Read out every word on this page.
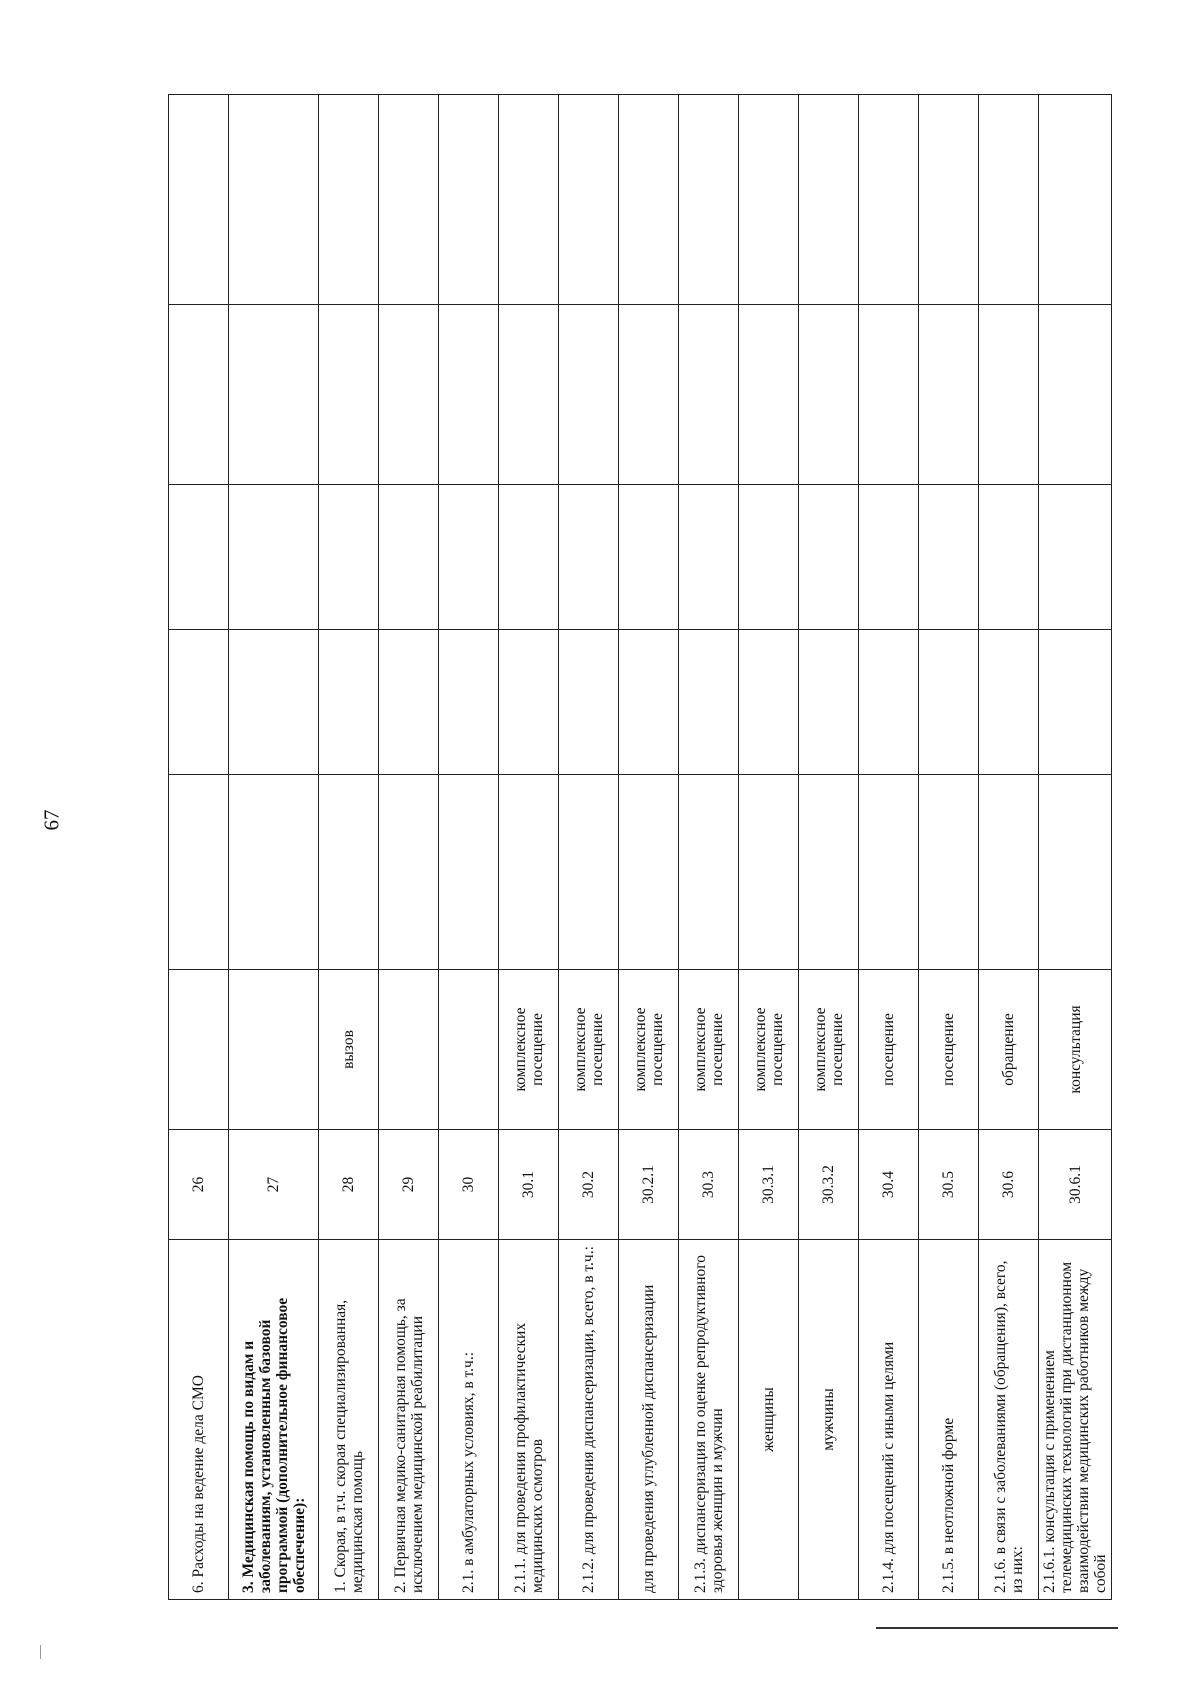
67
6. Расходы на ведение дела СМО	26						
3. Медицинская помощь по видам и заболеваниям, установленным базовой программой (дополнительное финансовое обеспечение):	27						
1. Скорая, в т.ч. скорая специализированная, медицинская помощь	28	вызов					
2. Первичная медико-санитарная помощь, за исключением медицинской реабилитации	29						
2.1. в амбулаторных условиях, в т.ч.:	30						
2.1.1. для проведения профилактических медицинских осмотров	30.1	комплексное посещение					
2.1.2. для проведения диспансеризации, всего, в т.ч.:	30.2	комплексное посещение					
для проведения углубленной диспансеризации	30.2.1	комплексное посещение					
2.1.3. диспансеризация по оценке репродуктивного здоровья женщин и мужчин	30.3	комплексное посещение					
женщины	30.3.1	комплексное посещение					
мужчины	30.3.2	комплексное посещение					
2.1.4. для посещений с иными целями	30.4	посещение					
2.1.5. в неотложной форме	30.5	посещение					
2.1.6. в связи с заболеваниями (обращения), всего, из них:	30.6	обращение					
2.1.6.1. консультация с применением телемедицинских технологий при дистанционном взаимодействии медицинских работников между собой	30.6.1	консультация					
